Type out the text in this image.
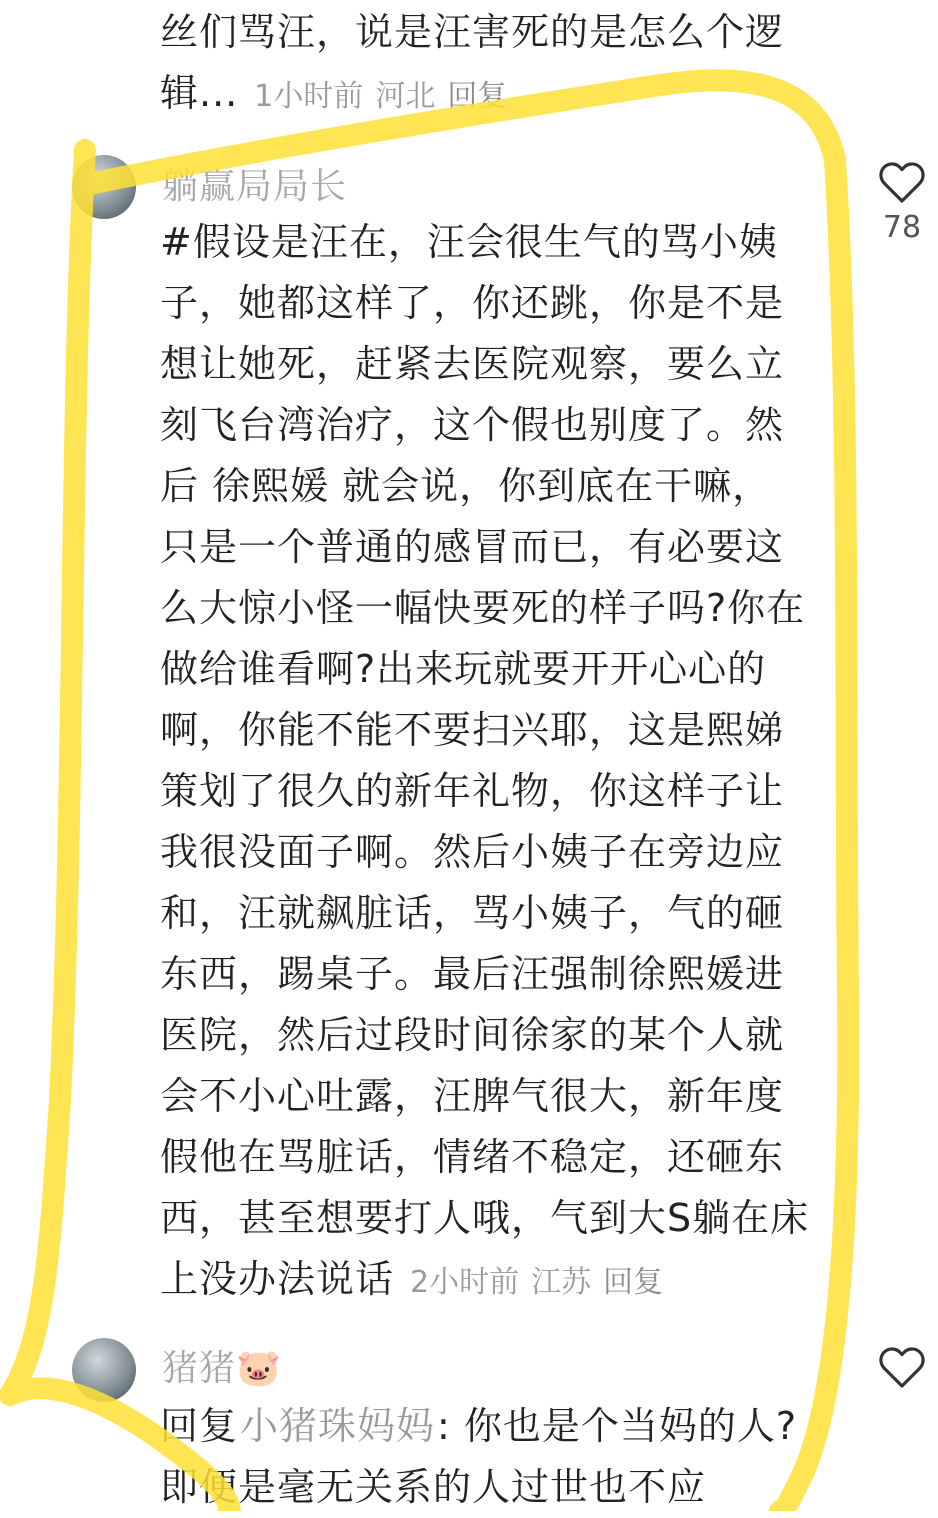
丝们骂汪，说是汪害死的是怎么个逻辑... 1小时前 河北 回复
躺赢局局长
78
#假设是汪在，汪会很生气的骂小姨子，她都这样了，你还跳，你是不是想让她死，赶紧去医院观察，要么立刻飞台湾治疗，这个假也别度了。然后 徐熙媛 就会说，你到底在干嘛，只是一个普通的感冒而已，有必要这么大惊小怪一幅快要死的样子吗?你在做给谁看啊?出来玩就要开开心心的啊，你能不能不要扫兴耶，这是熙娣策划了很久的新年礼物，你这样子让我很没面子啊。然后小姨子在旁边应和，汪就飙脏话，骂小姨子，气的砸东西，踢桌子。最后汪强制徐熙媛进医院，然后过段时间徐家的某个人就会不小心吐露，汪脾气很大，新年度假他在骂脏话，情绪不稳定，还砸东西，甚至想要打人哦，气到大S躺在床上没办法说话 2小时前 江苏 回复
猪猪🐷
回复小猪珠妈妈: 你也是个当妈的人? 即便是毫无关系的人过世也不应
